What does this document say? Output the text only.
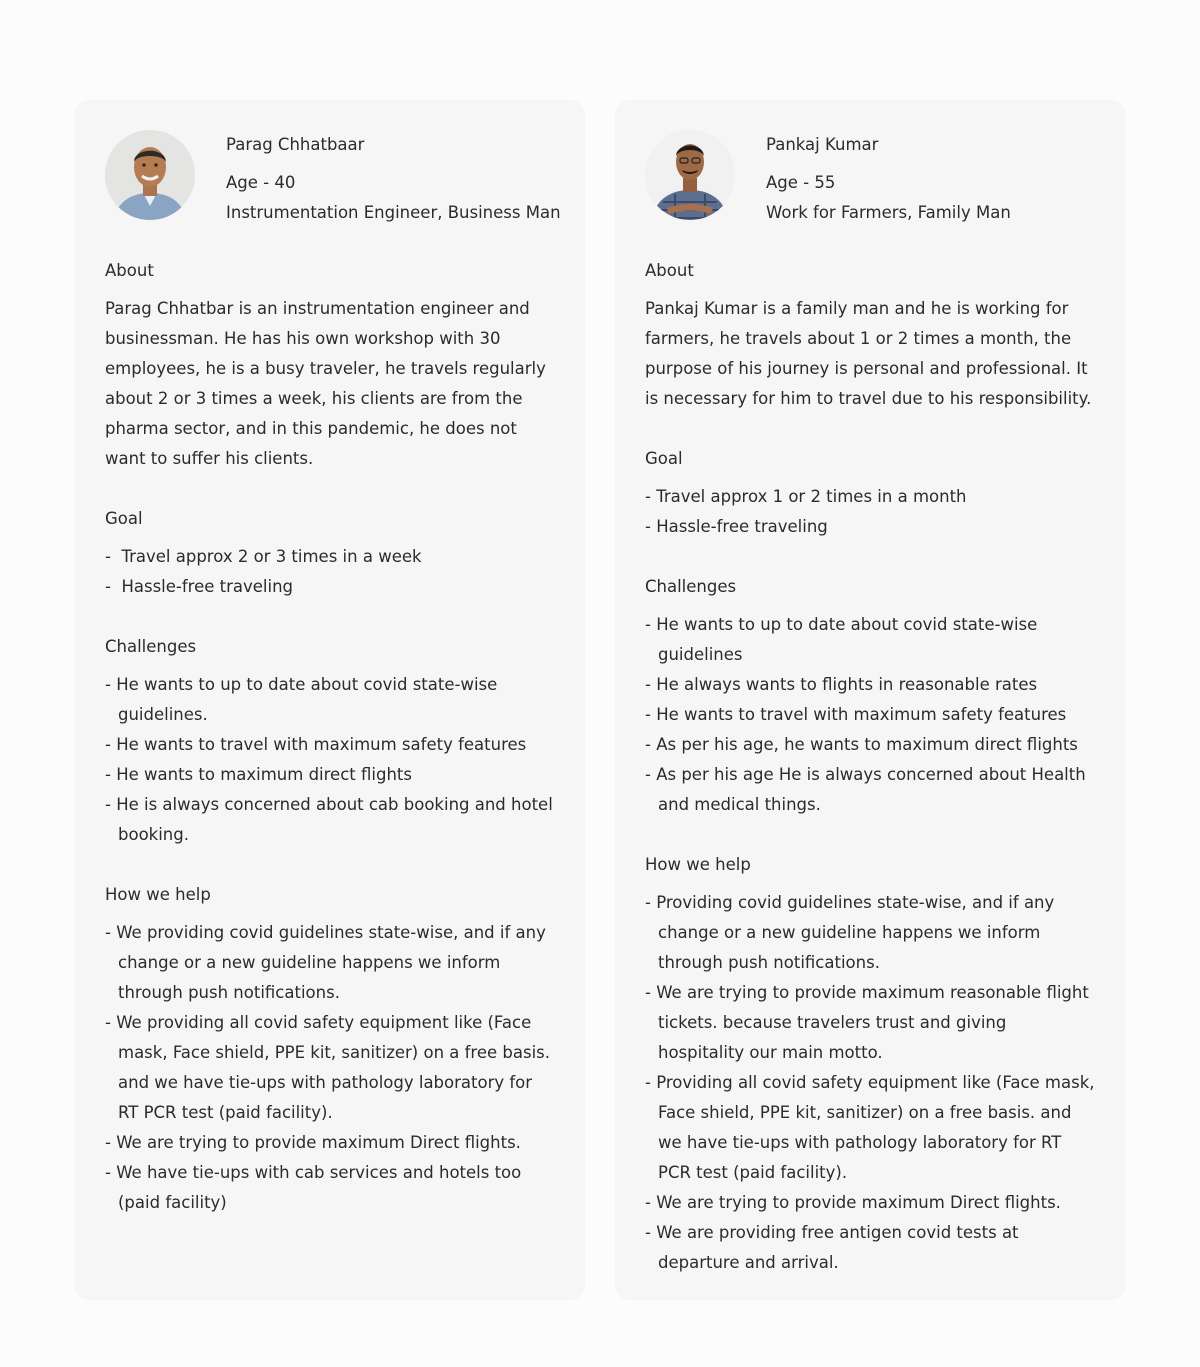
Parag Chhatbaar
Age - 40
Instrumentation Engineer, Business Man
About
Parag Chhatbar is an instrumentation engineer and businessman. He has his own workshop with 30 employees, he is a busy traveler, he travels regularly about 2 or 3 times a week, his clients are from the pharma sector, and in this pandemic, he does not want to suffer his clients.
Goal
- Travel approx 2 or 3 times in a week
- Hassle-free traveling
Challenges
- He wants to up to date about covid state-wise guidelines.
- He wants to travel with maximum safety features
- He wants to maximum direct flights
- He is always concerned about cab booking and hotel booking.
How we help
- We providing covid guidelines state-wise, and if any change or a new guideline happens we inform through push notifications.
- We providing all covid safety equipment like (Face mask, Face shield, PPE kit, sanitizer) on a free basis. and we have tie-ups with pathology laboratory for RT PCR test (paid facility).
- We are trying to provide maximum Direct flights.
- We have tie-ups with cab services and hotels too (paid facility)
Pankaj Kumar
Age - 55
Work for Farmers, Family Man
About
Pankaj Kumar is a family man and he is working for farmers, he travels about 1 or 2 times a month, the purpose of his journey is personal and professional. It is necessary for him to travel due to his responsibility.
Goal
- Travel approx 1 or 2 times in a month
- Hassle-free traveling
Challenges
- He wants to up to date about covid state-wise guidelines
- He always wants to flights in reasonable rates
- He wants to travel with maximum safety features
- As per his age, he wants to maximum direct flights
- As per his age He is always concerned about Health and medical things.
How we help
- Providing covid guidelines state-wise, and if any change or a new guideline happens we inform through push notifications.
- We are trying to provide maximum reasonable flight tickets. because travelers trust and giving hospitality our main motto.
- Providing all covid safety equipment like (Face mask, Face shield, PPE kit, sanitizer) on a free basis. and we have tie-ups with pathology laboratory for RT PCR test (paid facility).
- We are trying to provide maximum Direct flights.
- We are providing free antigen covid tests at departure and arrival.
